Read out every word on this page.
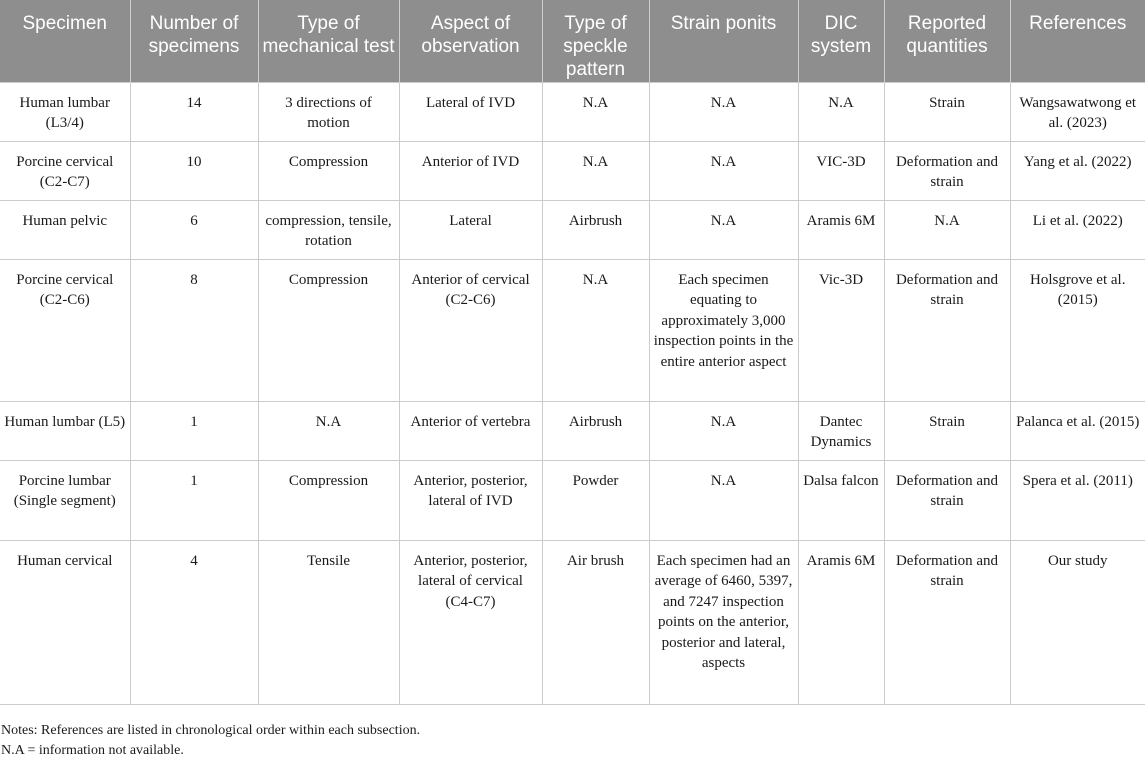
Specimen	Number of specimens	Type of mechanical test	Aspect of observation	Type of speckle pattern	Strain ponits	DIC system	Reported quantities	References
Human lumbar (L3/4)	14	3 directions of motion	Lateral of IVD	N.A	N.A	N.A	Strain	Wangsawatwong et al. (2023)
Porcine cervical (C2-C7)	10	Compression	Anterior of IVD	N.A	N.A	VIC-3D	Deformation and strain	Yang et al. (2022)
Human pelvic	6	compression, tensile, rotation	Lateral	Airbrush	N.A	Aramis 6M	N.A	Li et al. (2022)
Porcine cervical (C2-C6)	8	Compression	Anterior of cervical (C2-C6)	N.A	Each specimen equating to approximately 3,000 inspection points in the entire anterior aspect	Vic-3D	Deformation and strain	Holsgrove et al. (2015)
Human lumbar (L5)	1	N.A	Anterior of vertebra	Airbrush	N.A	Dantec Dynamics	Strain	Palanca et al. (2015)
Porcine lumbar (Single segment)	1	Compression	Anterior, posterior, lateral of IVD	Powder	N.A	Dalsa falcon	Deformation and strain	Spera et al. (2011)
Human cervical	4	Tensile	Anterior, posterior, lateral of cervical (C4-C7)	Air brush	Each specimen had an average of 6460, 5397, and 7247 inspection points on the anterior, posterior and lateral, aspects	Aramis 6M	Deformation and strain	Our study
Notes: References are listed in chronological order within each subsection.
N.A = information not available.
